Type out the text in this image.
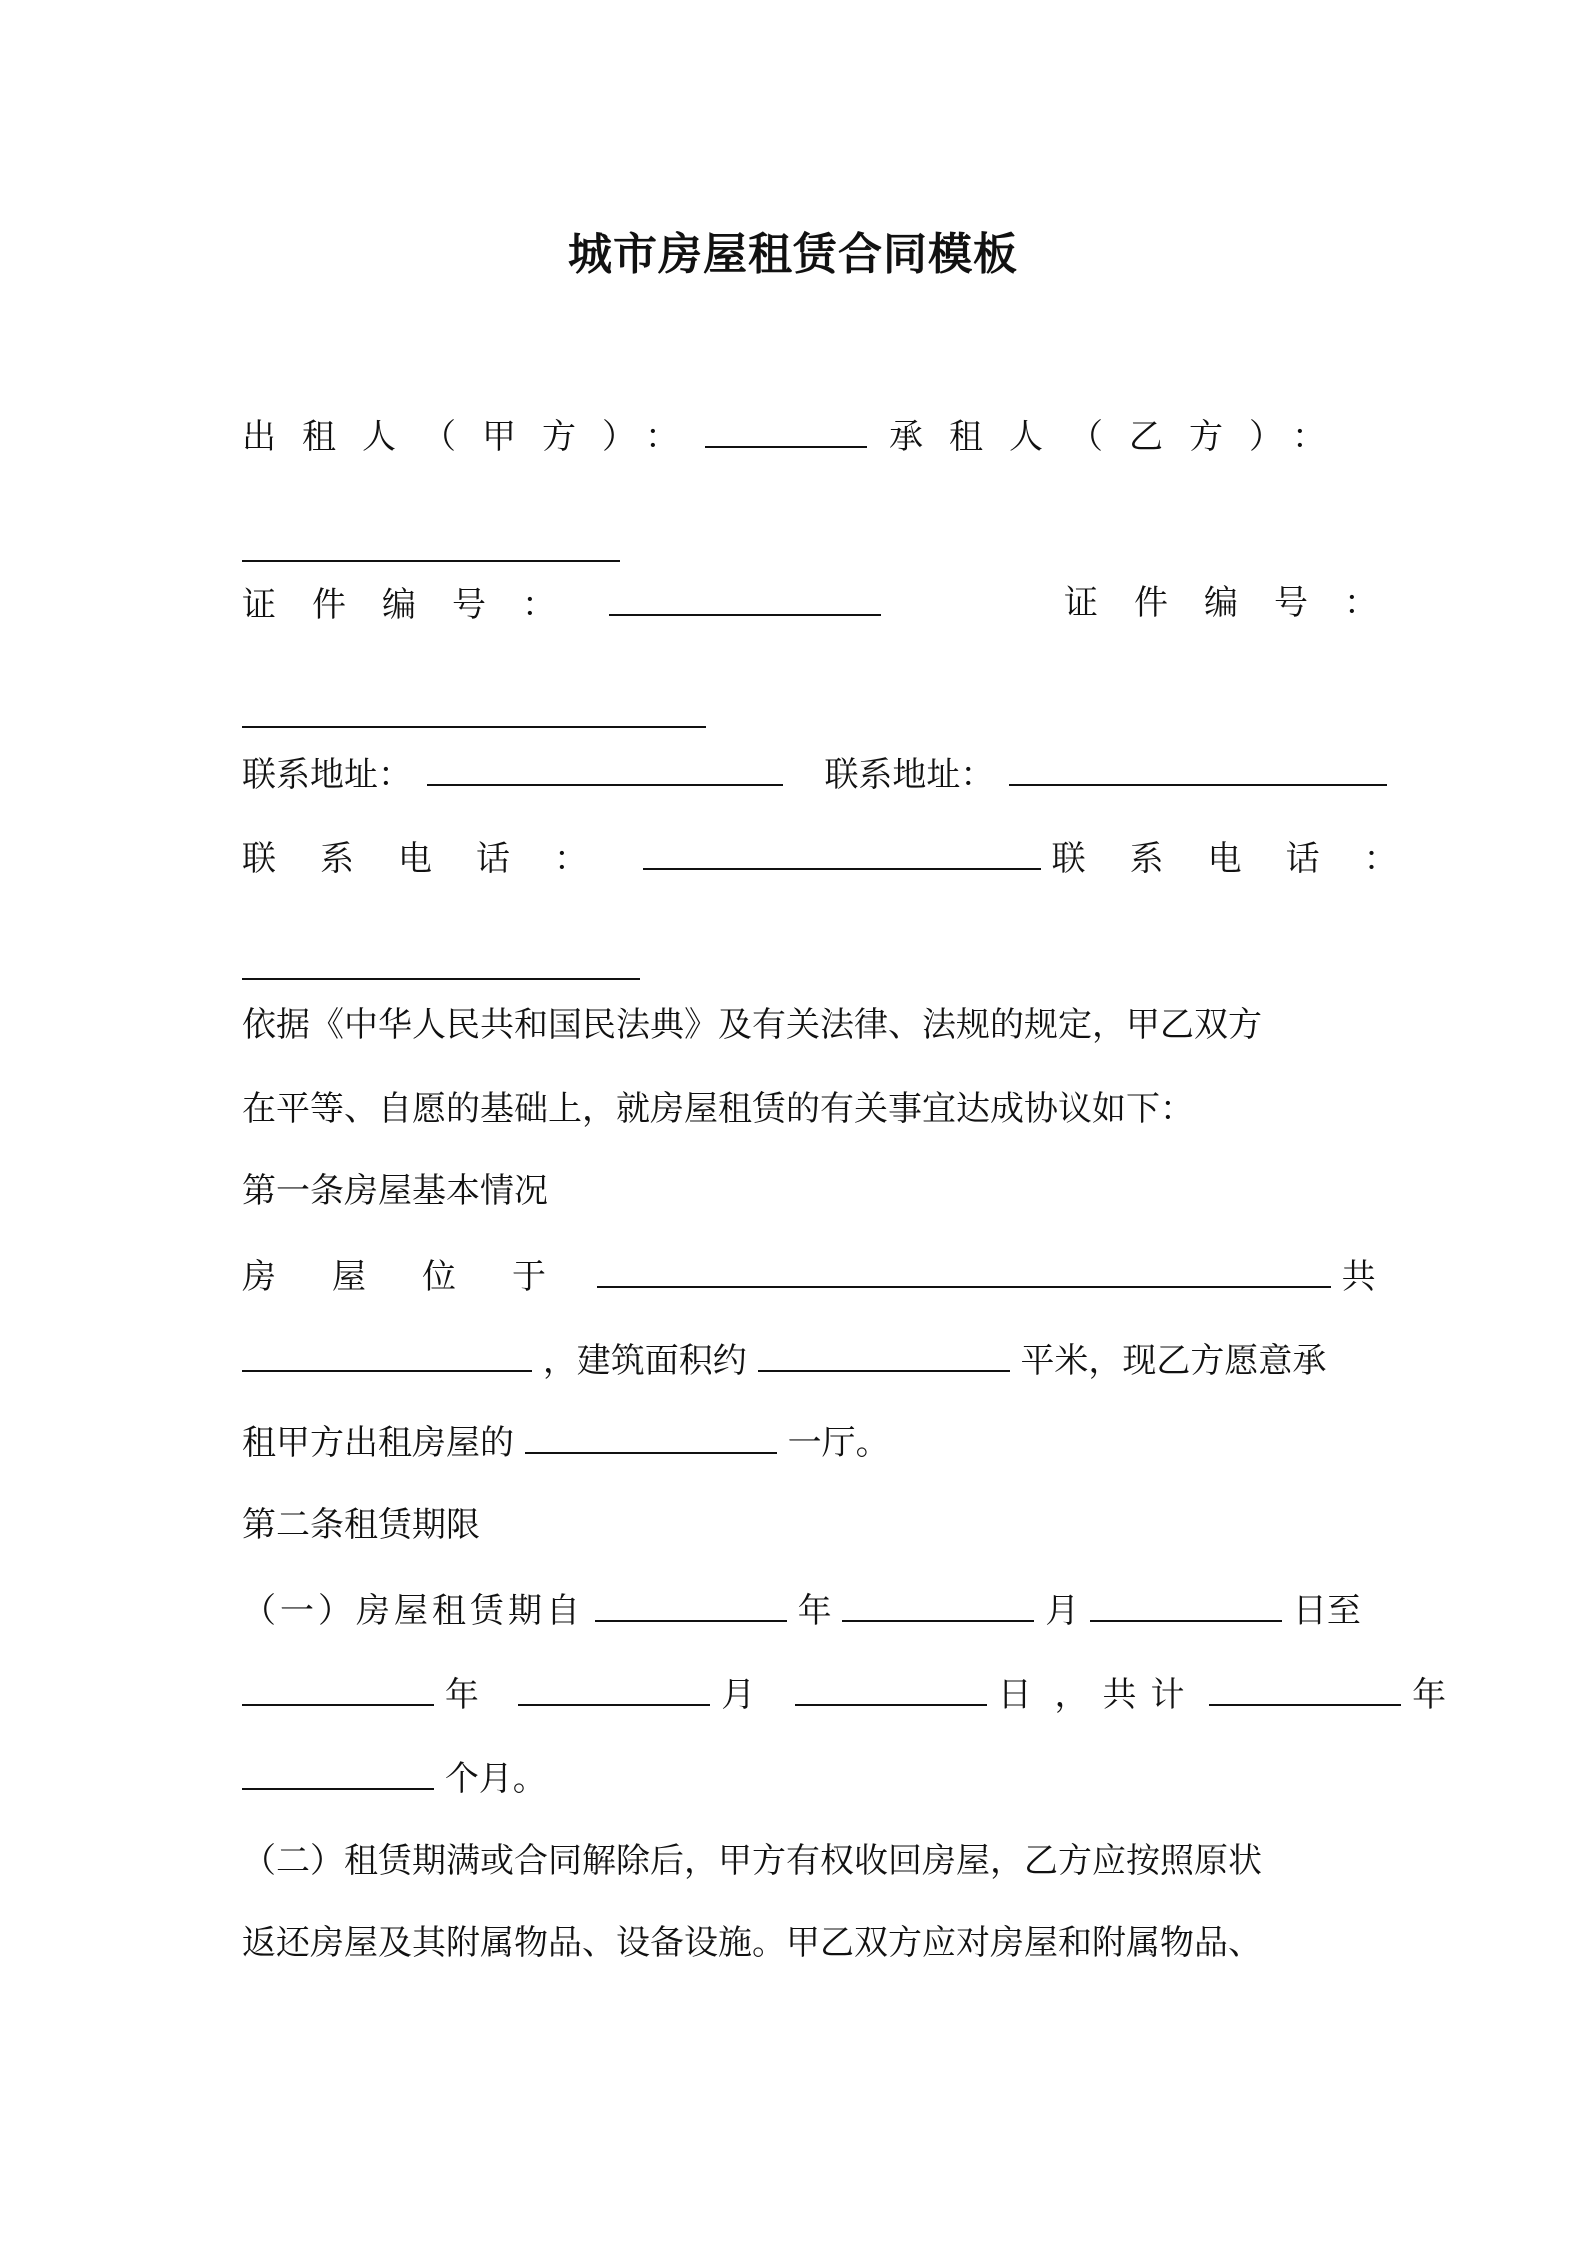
城市房屋租赁合同模板
出租人（甲方）：	承租人（乙方）：
证件编号：	证件编号：
联系地址：	联系地址：
联系电话：	联系电话：
依据《中华人民共和国民法典》及有关法律、法规的规定，甲乙双方
在平等、自愿的基础上，就房屋租赁的有关事宜达成协议如下：
第一条房屋基本情况
房屋位于	共
，建筑面积约	平米，现乙方愿意承
租甲方出租房屋的	一厅。
第二条租赁期限
（一）房屋租赁期自	年	月	日至
年	月	日 ，共计	年
个月。
（二）租赁期满或合同解除后，甲方有权收回房屋，乙方应按照原状
返还房屋及其附属物品、设备设施。甲乙双方应对房屋和附属物品、
